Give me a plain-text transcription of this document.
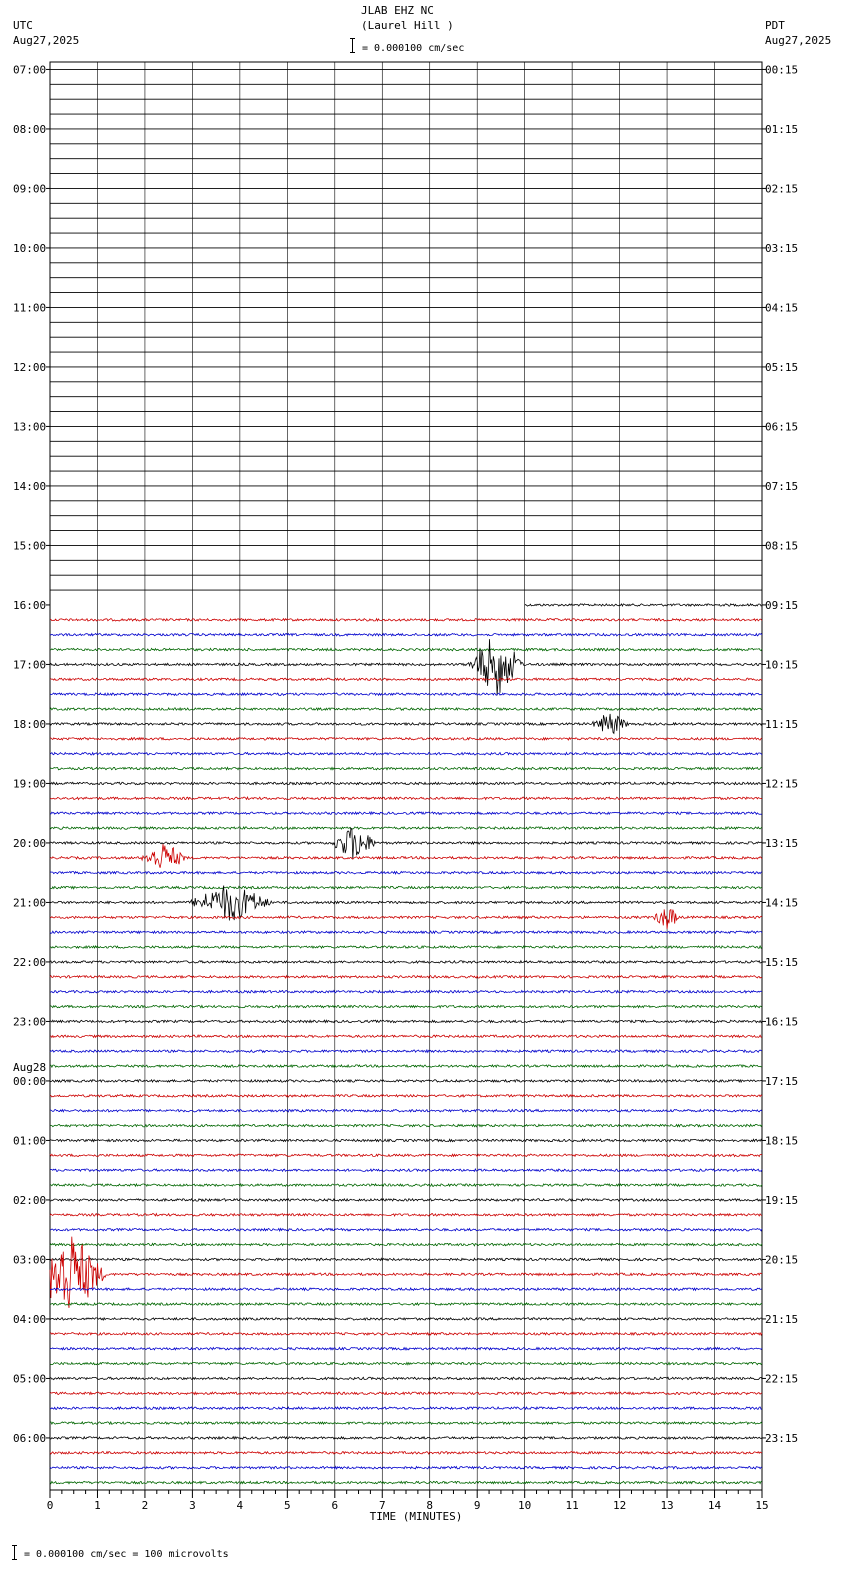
JLAB EHZ NC
(Laurel Hill )
= 0.000100 cm/sec
UTC
Aug27,2025
PDT
Aug27,2025
07:00
08:00
09:00
10:00
11:00
12:00
13:00
14:00
15:00
16:00
17:00
18:00
19:00
20:00
21:00
22:00
23:00
00:00
Aug28
01:00
02:00
03:00
04:00
05:00
06:00
00:15
01:15
02:15
03:15
04:15
05:15
06:15
07:15
08:15
09:15
10:15
11:15
12:15
13:15
14:15
15:15
16:15
17:15
18:15
19:15
20:15
21:15
22:15
23:15
0	1	2	3	4	5	6	7	8	9	10	11	12	13	14	15
TIME (MINUTES)
= 0.000100 cm/sec = 100 microvolts
